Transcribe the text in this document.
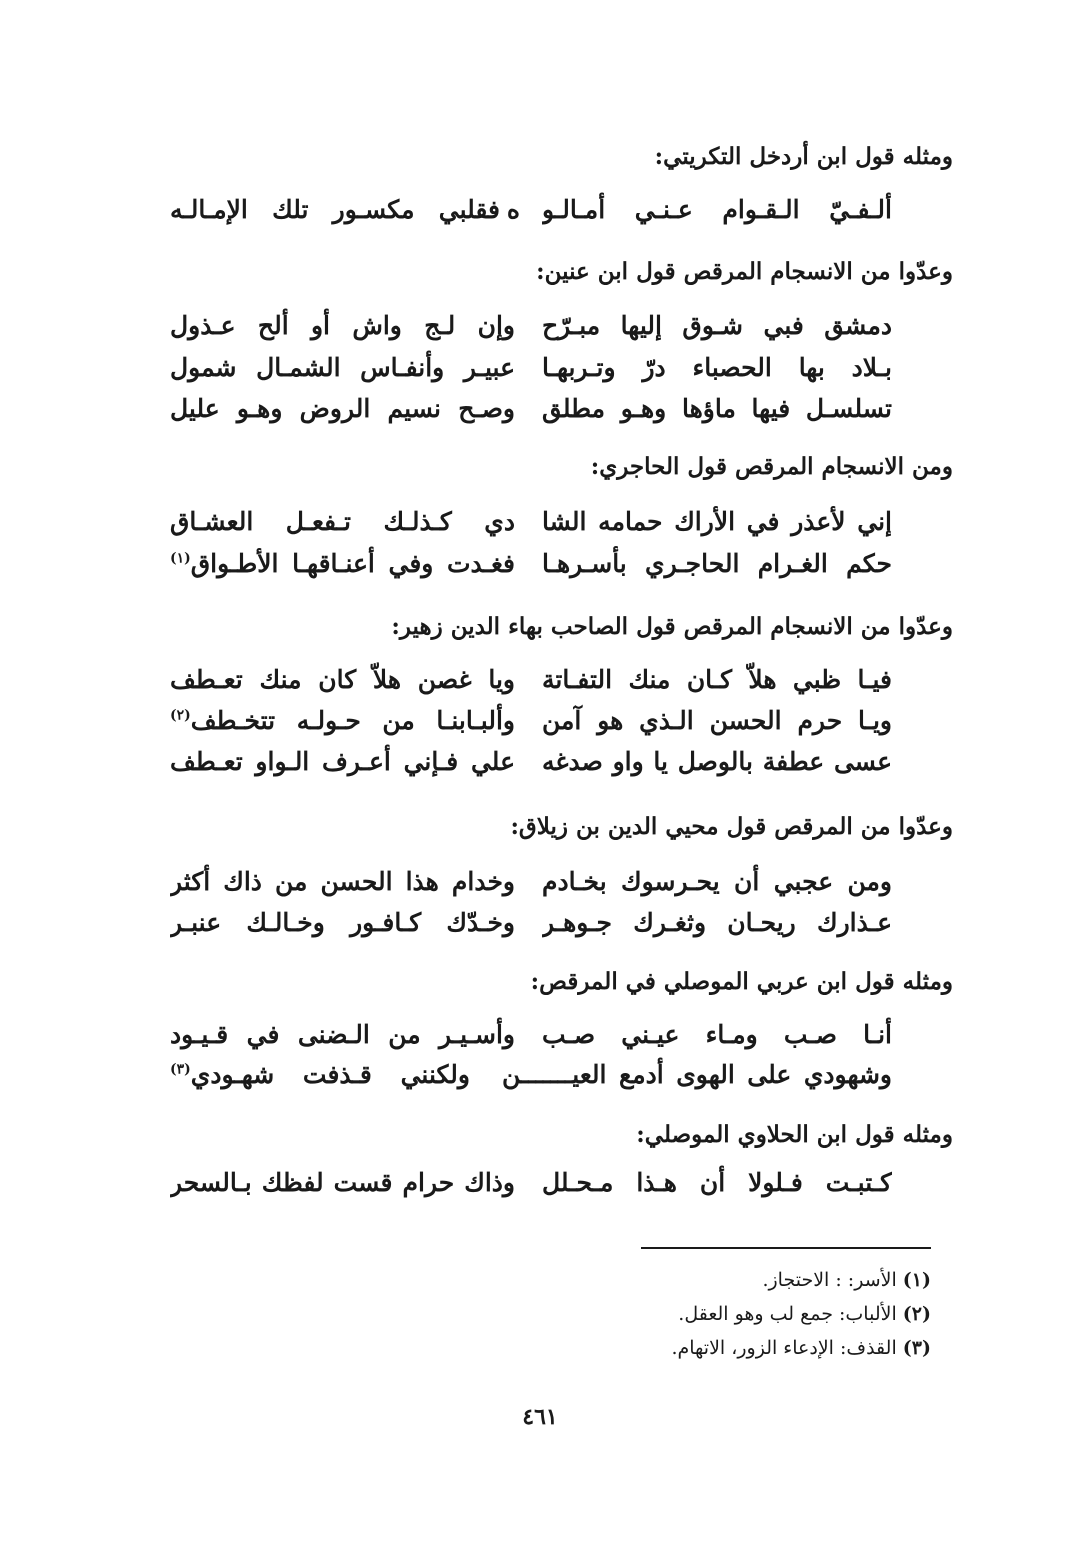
ومثله قول ابن أردخل التكريتي:
ألـفـيّ الـقـوام عـنـي أمـالـو
ه
فقلبي مكسـور تلك الإمـالـه
وعدّوا من الانسجام المرقص قول ابن عنين:
دمشق فبي شـوق إليها مبـرّح
وإن لـج واش أو ألح عـذول
بـلاد بها الحصباء درّ وتـربهـا
عبيـر وأنفـاس الشمـال شمول
تسلسـل فيها ماؤها وهـو مطلق
وصـح نسيم الروض وهـو عليل
ومن الانسجام المرقص قول الحاجري:
إني لأعذر في الأراك حمامه الشا
دي كـذلـك تـفعـل العشـاق
حكم الغـرام الحاجـري بأسـرهـا
فغـدت وفي أعنـاقهـا الأطـواق$^{(١)}$
وعدّوا من الانسجام المرقص قول الصاحب بهاء الدين زهير:
فيـا ظبي هلاّ كـان منك التفـاتة
ويا غصن هلاّ كان منك تعـطف
ويـا حرم الحسن الـذي هو آمن
وألبـابنـا من حـولـه تتخـطف$^{(٢)}$
عسى عطفة بالوصل يا واو صدغه
علي فـإني أعـرف الـواو تعـطف
وعدّوا من المرقص قول محيي الدين بن زيلاق:
ومن عجبي أن يحـرسوك بخـادم
وخدام هذا الحسن من ذاك أكثر
عـذارك ريحـان وثغـرك جـوهـر
وخـدّك كـافـور وخـالـك عنبـر
ومثله قول ابن عربي الموصلي في المرقص:
أنـا صـب ومـاء عيـني صـب
وأسـيـر من الـضنى في قـيـود
وشهودي على الهوى أدمع العيـــــــن
ولكنني قـذفت شهـودي$^{(٣)}$
ومثله قول ابن الحلاوي الموصلي:
كـتبـت فـلولا أن هـذا مـحـلل
وذاك حرام قست لفظك بـالسحر
(١) الأسر: : الاحتجاز.
(٢) الألباب: جمع لب وهو العقل.
(٣) القذف: الإدعاء الزور، الاتهام.
٤٦١
